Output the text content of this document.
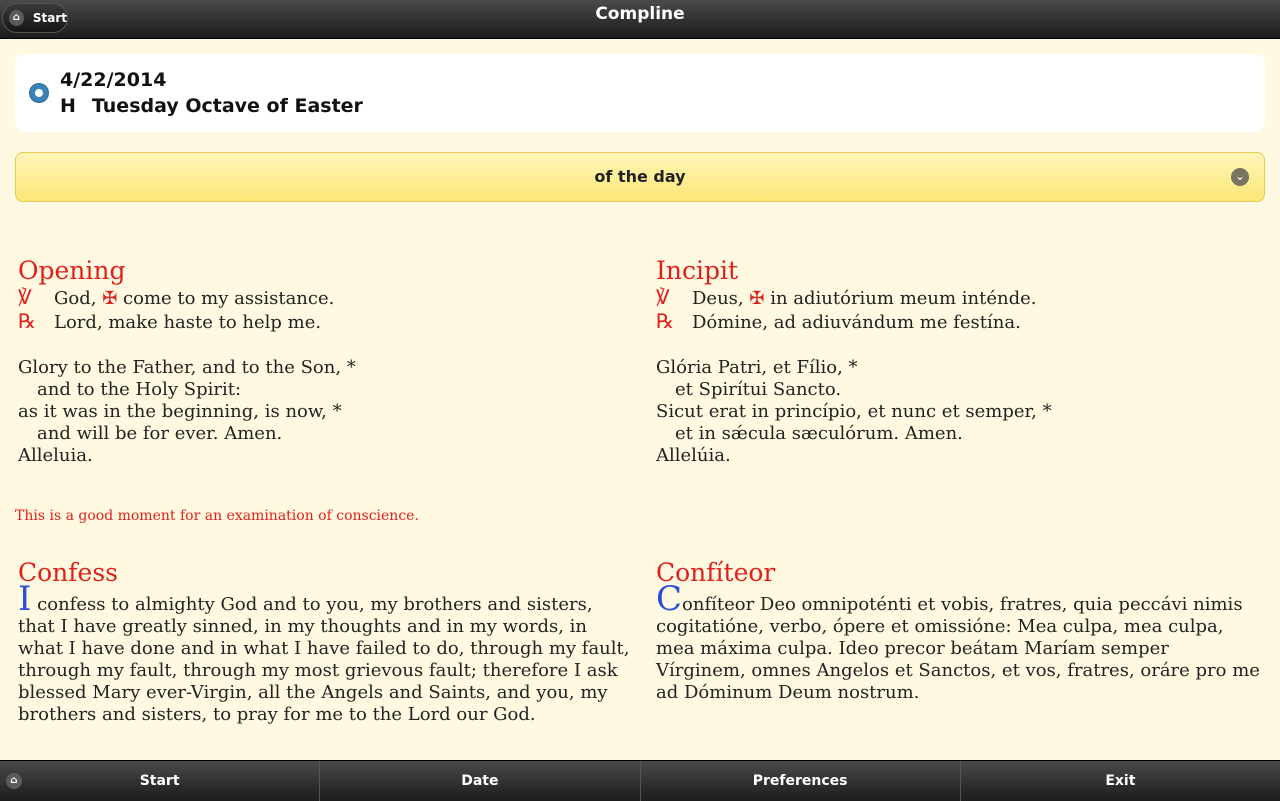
⌂	Start	Compline
4/22/2014
H Tuesday Octave of Easter
of the day	⌄
Opening
℣ God, ✠ come to my assistance.
℞ Lord, make haste to help me.
Glory to the Father, and to the Son, *
and to the Holy Spirit:
as it was in the beginning, is now, *
and will be for ever. Amen.
Alleluia.
Incipit
℣ Deus, ✠ in adiutórium meum inténde.
℞ Dómine, ad adiuvándum me festína.
Glória Patri, et Fílio, *
et Spirítui Sancto.
Sicut erat in princípio, et nunc et semper, *
et in sǽcula sæculórum. Amen.
Allelúia.
This is a good moment for an examination of conscience.
Confess
I confess to almighty God and to you, my brothers and sisters, that I have greatly sinned, in my thoughts and in my words, in what I have done and in what I have failed to do, through my fault, through my fault, through my most grievous fault; therefore I ask blessed Mary ever-Virgin, all the Angels and Saints, and you, my brothers and sisters, to pray for me to the Lord our God.
Confíteor
Confíteor Deo omnipoténti et vobis, fratres, quia peccávi nimis cogitatióne, verbo, ópere et omissióne: Mea culpa, mea culpa, mea máxima culpa. Ideo precor beátam Maríam semper Vírginem, omnes Angelos et Sanctos, et vos, fratres, oráre pro me ad Dóminum Deum nostrum.
⌂	Start	Date	Preferences	Exit
